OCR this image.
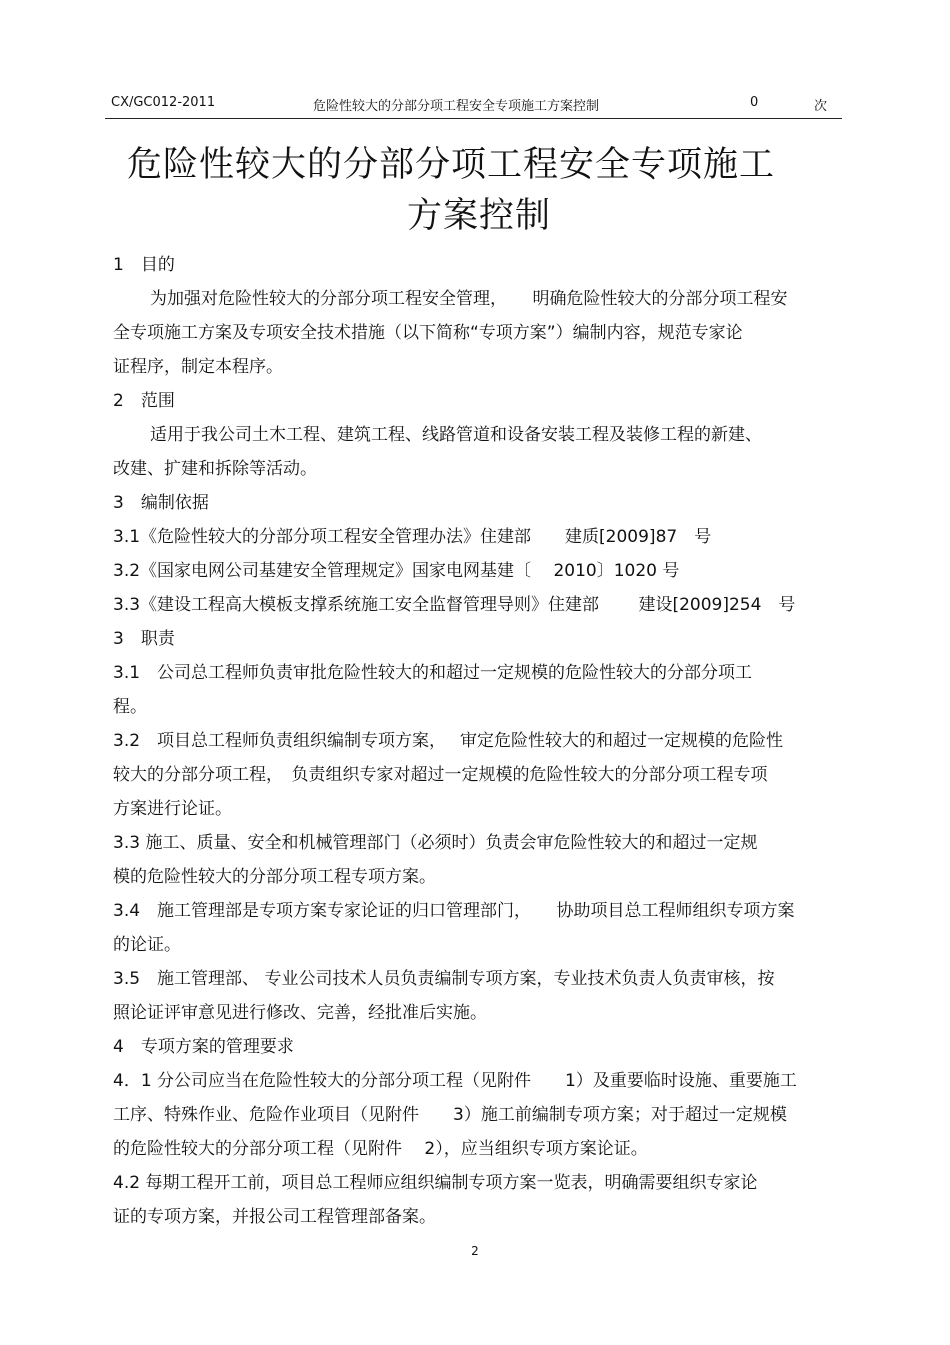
CX/GC012-2011	危险性较大的分部分项工程安全专项施工方案控制	0	次
危险性较大的分部分项工程安全专项施工
方案控制
1　目的
为加强对危险性较大的分部分项工程安全管理，　　明确危险性较大的分部分项工程安
全专项施工方案及专项安全技术措施（以下简称“专项方案”）编制内容，规范专家论
证程序，制定本程序。
2　范围
适用于我公司土木工程、建筑工程、线路管道和设备安装工程及装修工程的新建、
改建、扩建和拆除等活动。
3　编制依据
3.1《危险性较大的分部分项工程安全管理办法》住建部　　建质[2009]87　号
3.2《国家电网公司基建安全管理规定》国家电网基建〔　 2010〕1020 号
3.3《建设工程高大模板支撑系统施工安全监督管理导则》住建部　　 建设[2009]254　号
3　职责
3.1　公司总工程师负责审批危险性较大的和超过一定规模的危险性较大的分部分项工
程。
3.2　项目总工程师负责组织编制专项方案，　 审定危险性较大的和超过一定规模的危险性
较大的分部分项工程，　负责组织专家对超过一定规模的危险性较大的分部分项工程专项
方案进行论证。
3.3 施工、质量、安全和机械管理部门（必须时）负责会审危险性较大的和超过一定规
模的危险性较大的分部分项工程专项方案。
3.4　施工管理部是专项方案专家论证的归口管理部门，　　协助项目总工程师组织专项方案
的论证。
3.5　施工管理部、 专业公司技术人员负责编制专项方案，专业技术负责人负责审核，按
照论证评审意见进行修改、完善，经批准后实施。
4　专项方案的管理要求
4．1 分公司应当在危险性较大的分部分项工程（见附件　　1）及重要临时设施、重要施工
工序、特殊作业、危险作业项目（见附件　　3）施工前编制专项方案；对于超过一定规模
的危险性较大的分部分项工程（见附件　 2），应当组织专项方案论证。
4.2 每期工程开工前，项目总工程师应组织编制专项方案一览表，明确需要组织专家论
证的专项方案，并报公司工程管理部备案。
2
